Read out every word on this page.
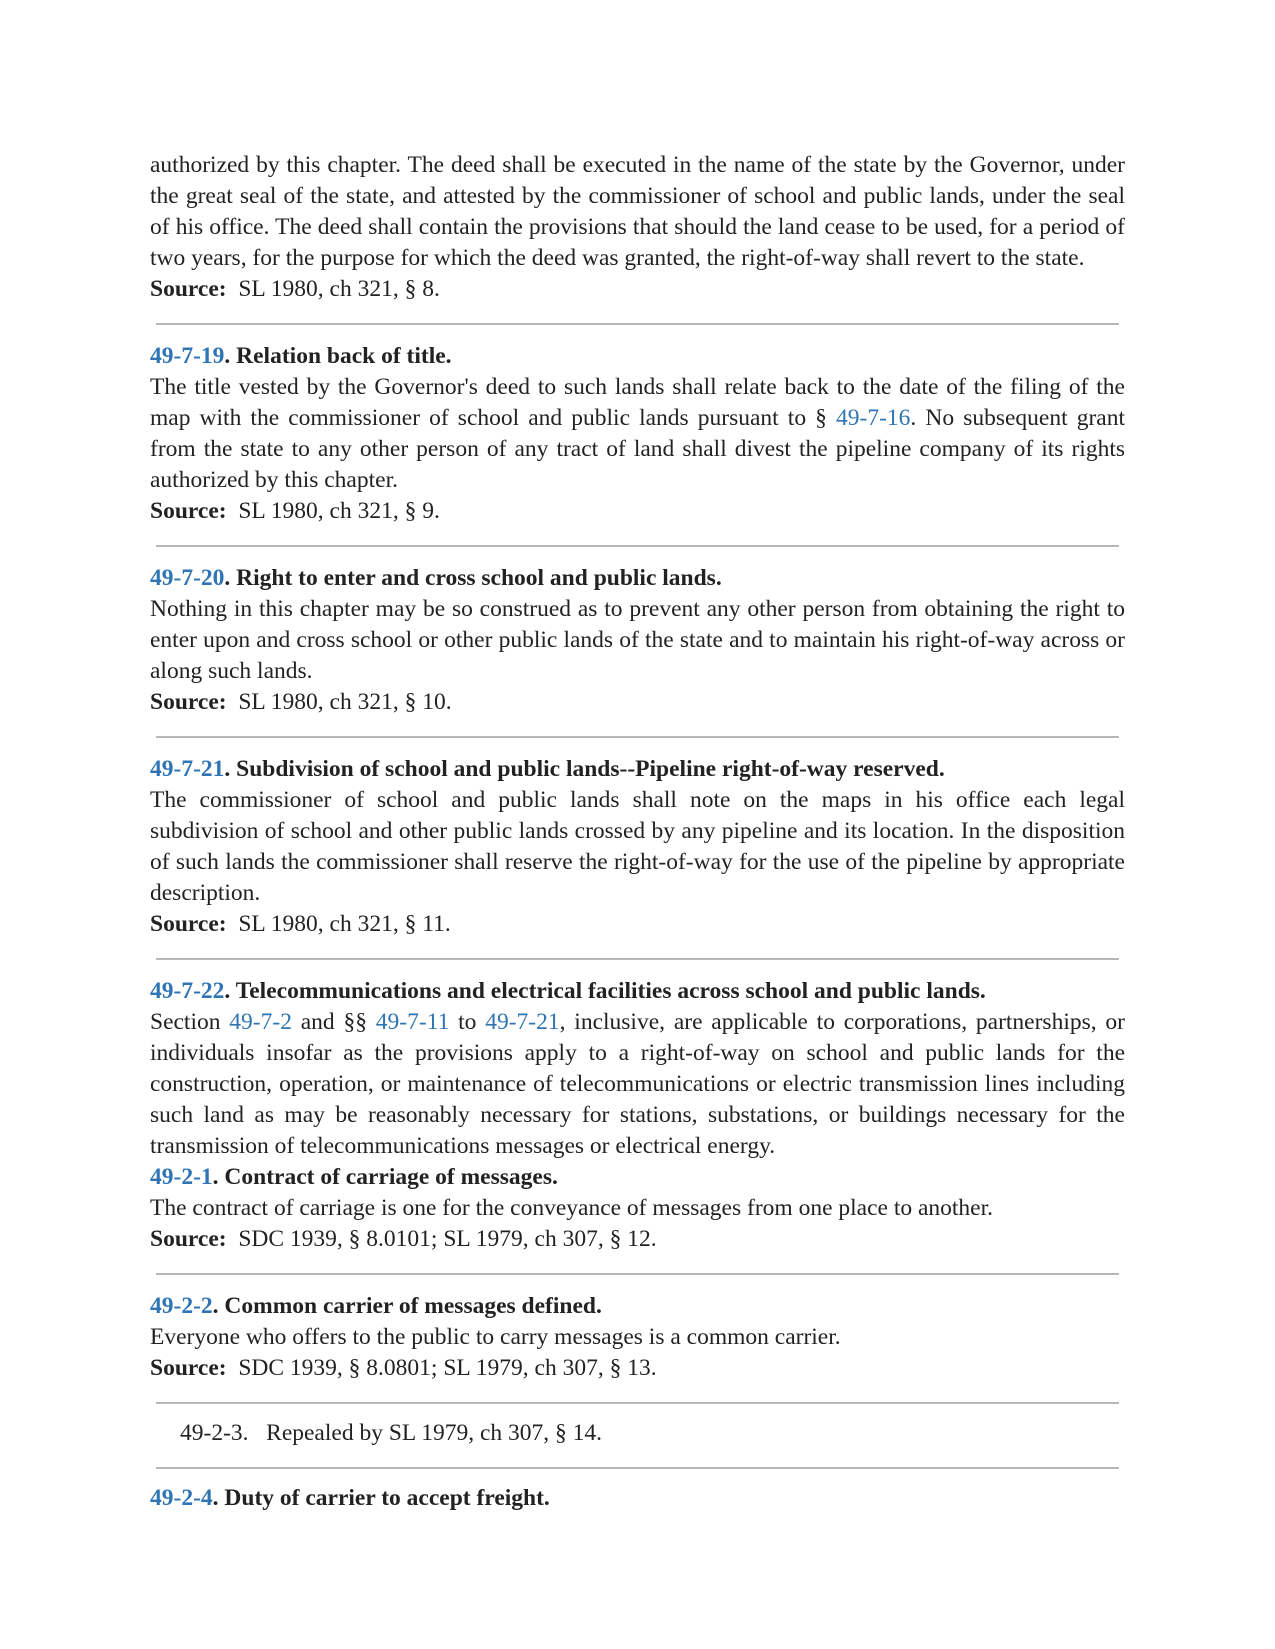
authorized by this chapter. The deed shall be executed in the name of the state by the Governor, under the great seal of the state, and attested by the commissioner of school and public lands, under the seal of his office. The deed shall contain the provisions that should the land cease to be used, for a period of two years, for the purpose for which the deed was granted, the right-of-way shall revert to the state.

Source: SL 1980, ch 321, § 8.

49-7-19. Relation back of title.

The title vested by the Governor's deed to such lands shall relate back to the date of the filing of the map with the commissioner of school and public lands pursuant to § 49-7-16. No subsequent grant from the state to any other person of any tract of land shall divest the pipeline company of its rights authorized by this chapter.

Source: SL 1980, ch 321, § 9.

49-7-20. Right to enter and cross school and public lands.

Nothing in this chapter may be so construed as to prevent any other person from obtaining the right to enter upon and cross school or other public lands of the state and to maintain his right-of-way across or along such lands.

Source: SL 1980, ch 321, § 10.

49-7-21. Subdivision of school and public lands--Pipeline right-of-way reserved.

The commissioner of school and public lands shall note on the maps in his office each legal subdivision of school and other public lands crossed by any pipeline and its location. In the disposition of such lands the commissioner shall reserve the right-of-way for the use of the pipeline by appropriate description.

Source: SL 1980, ch 321, § 11.

49-7-22. Telecommunications and electrical facilities across school and public lands.

Section 49-7-2 and §§ 49-7-11 to 49-7-21, inclusive, are applicable to corporations, partnerships, or individuals insofar as the provisions apply to a right-of-way on school and public lands for the construction, operation, or maintenance of telecommunications or electric transmission lines including such land as may be reasonably necessary for stations, substations, or buildings necessary for the transmission of telecommunications messages or electrical energy.

49-2-1. Contract of carriage of messages.

The contract of carriage is one for the conveyance of messages from one place to another.

Source: SDC 1939, § 8.0101; SL 1979, ch 307, § 12.

49-2-2. Common carrier of messages defined.

Everyone who offers to the public to carry messages is a common carrier.

Source: SDC 1939, § 8.0801; SL 1979, ch 307, § 13.

49-2-3.   Repealed by SL 1979, ch 307, § 14.

49-2-4. Duty of carrier to accept freight.
